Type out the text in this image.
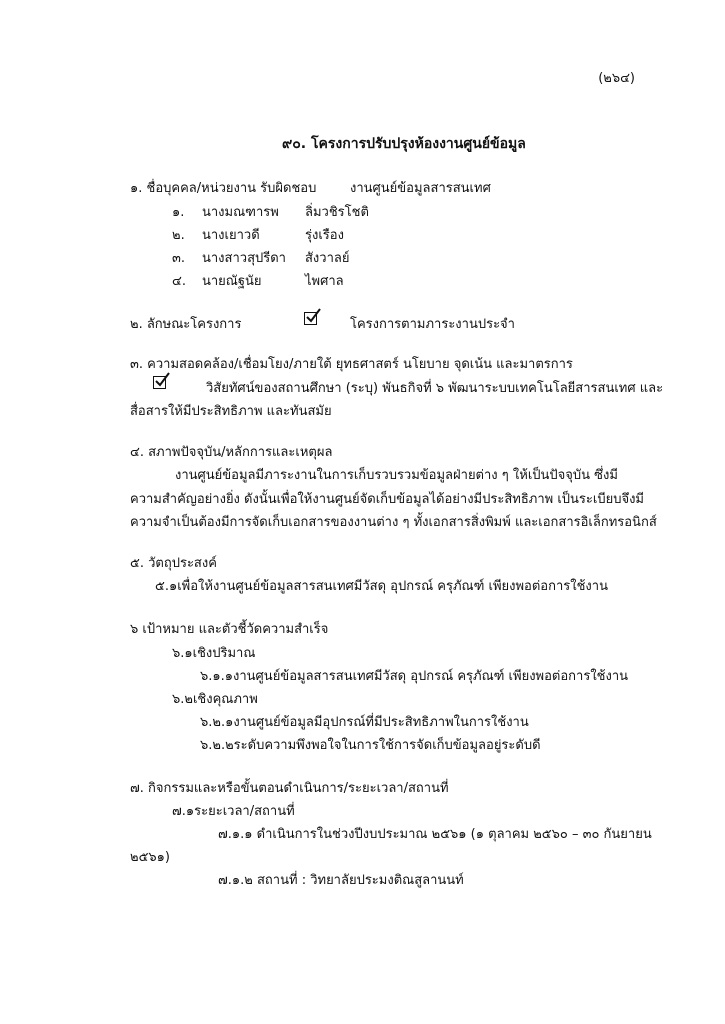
(๒๖๔)
๙๐. โครงการปรับปรุงห้องงานศูนย์ข้อมูล
๑. ชื่อบุคคล/หน่วยงาน รับผิดชอบ	งานศูนย์ข้อมูลสารสนเทศ
๑. นางมณฑารพ ลิ่มวชิรโชติ
๒. นางเยาวดี	รุ่งเรือง
๓. นางสาวสุปรีดา สังวาลย์
๔. นายณัฐนัย	ไพศาล
๒. ลักษณะโครงการ	โครงการตามภาระงานประจำ
๓. ความสอดคล้อง/เชื่อมโยง/ภายใต้ ยุทธศาสตร์ นโยบาย จุดเน้น และมาตรการ
วิสัยทัศน์ของสถานศึกษา (ระบุ) พันธกิจที่ ๖ พัฒนาระบบเทคโนโลยีสารสนเทศ และ
สื่อสารให้มีประสิทธิภาพ และทันสมัย
๔. สภาพปัจจุบัน/หลักการและเหตุผล
งานศูนย์ข้อมูลมีภาระงานในการเก็บรวบรวมข้อมูลฝ่ายต่าง ๆ ให้เป็นปัจจุบัน ซึ่งมี
ความสำคัญอย่างยิ่ง ดังนั้นเพื่อให้งานศูนย์จัดเก็บข้อมูลได้อย่างมีประสิทธิภาพ เป็นระเบียบจึงมี
ความจำเป็นต้องมีการจัดเก็บเอกสารของงานต่าง ๆ ทั้งเอกสารสิ่งพิมพ์ และเอกสารอิเล็กทรอนิกส์
๕. วัตถุประสงค์
๕.๑เพื่อให้งานศูนย์ข้อมูลสารสนเทศมีวัสดุ อุปกรณ์ ครุภัณฑ์ เพียงพอต่อการใช้งาน
๖ เป้าหมาย และตัวชี้วัดความสำเร็จ
๖.๑เชิงปริมาณ
๖.๑.๑งานศูนย์ข้อมูลสารสนเทศมีวัสดุ อุปกรณ์ ครุภัณฑ์ เพียงพอต่อการใช้งาน
๖.๒เชิงคุณภาพ
๖.๒.๑งานศูนย์ข้อมูลมีอุปกรณ์ที่มีประสิทธิภาพในการใช้งาน
๖.๒.๒ระดับความพึงพอใจในการใช้การจัดเก็บข้อมูลอยู่ระดับดี
๗. กิจกรรมและหรือขั้นตอนดำเนินการ/ระยะเวลา/สถานที่
๗.๑ระยะเวลา/สถานที่
๗.๑.๑ ดำเนินการในช่วงปีงบประมาณ ๒๕๖๑ (๑ ตุลาคม ๒๕๖๐ – ๓๐ กันยายน
๒๕๖๑)
๗.๑.๒ สถานที่ : วิทยาลัยประมงติณสูลานนท์
